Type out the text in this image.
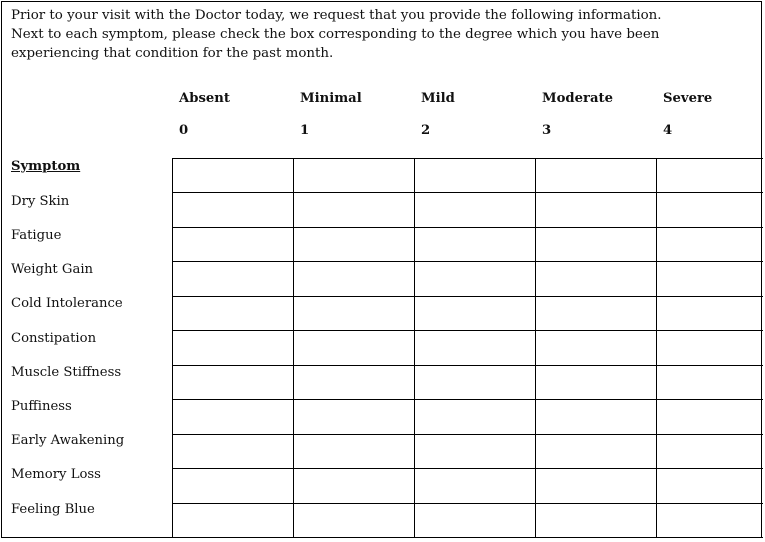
Prior to your visit with the Doctor today, we request that you provide the following information.
Next to each symptom, please check the box corresponding to the degree which you have been
experiencing that condition for the past month.
Absent	Minimal	Mild	Moderate	Severe
0	1	2	3	4
Symptom
Dry Skin
Fatigue
Weight Gain
Cold Intolerance
Constipation
Muscle Stiffness
Puffiness
Early Awakening
Memory Loss
Feeling Blue
